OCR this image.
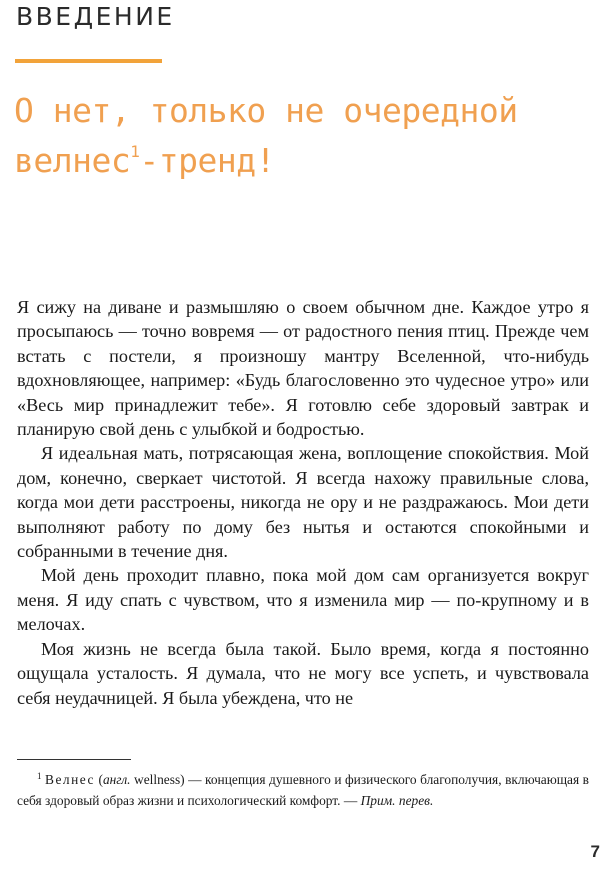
ВВЕДЕНИЕ
О нет, только не очередной велнес$^1$-тренд!

Я сижу на диване и размышляю о своем обычном дне. Каждое утро я просыпаюсь — точно вовремя — от радостного пения птиц. Прежде чем встать с постели, я произношу мантру Вселенной, что-нибудь вдохновляющее, например: «Будь благословенно это чудесное утро» или «Весь мир принадлежит тебе». Я готовлю себе здоровый завтрак и планирую свой день с улыбкой и бодростью.

Я идеальная мать, потрясающая жена, воплощение спокойствия. Мой дом, конечно, сверкает чистотой. Я всегда нахожу правильные слова, когда мои дети расстроены, никогда не ору и не раздражаюсь. Мои дети выполняют работу по дому без нытья и остаются спокойными и собранными в течение дня.

Мой день проходит плавно, пока мой дом сам организуется вокруг меня. Я иду спать с чувством, что я изменила мир — по-крупному и в мелочах.

Моя жизнь не всегда была такой. Было время, когда я постоянно ощущала усталость. Я думала, что не могу все успеть, и чувствовала себя неудачницей. Я была убеждена, что не

$^1$ Велнес (англ. wellness) — концепция душевного и физического благополучия, включающая в себя здоровый образ жизни и психологический комфорт. — Прим. перев.

7
